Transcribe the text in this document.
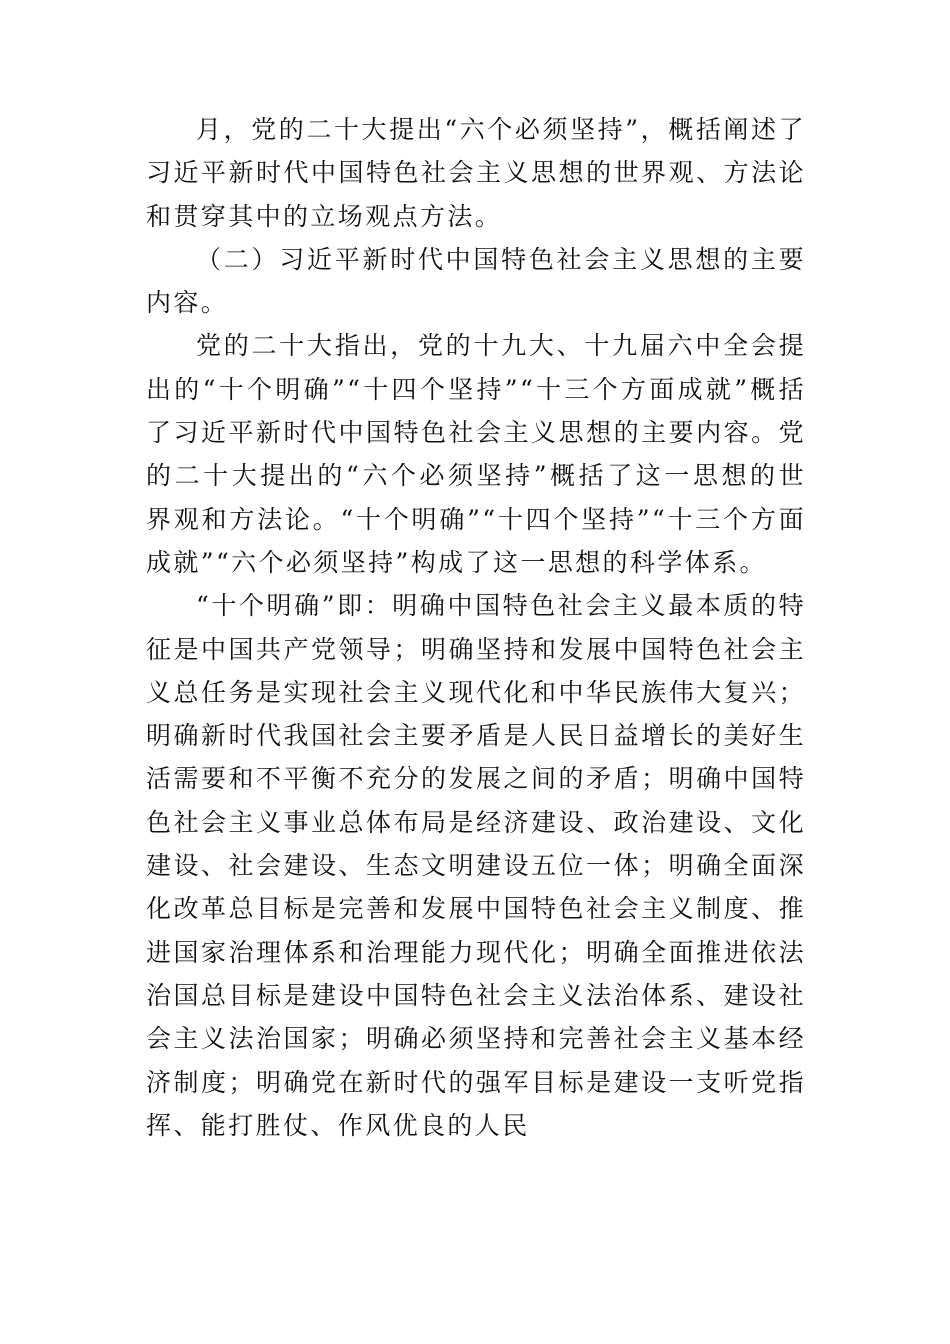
月，党的二十大提出“六个必须坚持”，概括阐述了习近平新时代中国特色社会主义思想的世界观、方法论和贯穿其中的立场观点方法。

（二）习近平新时代中国特色社会主义思想的主要内容。

党的二十大指出，党的十九大、十九届六中全会提出的“十个明确”“十四个坚持”“十三个方面成就”概括了习近平新时代中国特色社会主义思想的主要内容。党的二十大提出的“六个必须坚持”概括了这一思想的世界观和方法论。“十个明确”“十四个坚持”“十三个方面成就”“六个必须坚持”构成了这一思想的科学体系。

“十个明确”即：明确中国特色社会主义最本质的特征是中国共产党领导；明确坚持和发展中国特色社会主义总任务是实现社会主义现代化和中华民族伟大复兴；明确新时代我国社会主要矛盾是人民日益增长的美好生活需要和不平衡不充分的发展之间的矛盾；明确中国特色社会主义事业总体布局是经济建设、政治建设、文化建设、社会建设、生态文明建设五位一体；明确全面深化改革总目标是完善和发展中国特色社会主义制度、推进国家治理体系和治理能力现代化；明确全面推进依法治国总目标是建设中国特色社会主义法治体系、建设社会主义法治国家；明确必须坚持和完善社会主义基本经济制度；明确党在新时代的强军目标是建设一支听党指挥、能打胜仗、作风优良的人民
